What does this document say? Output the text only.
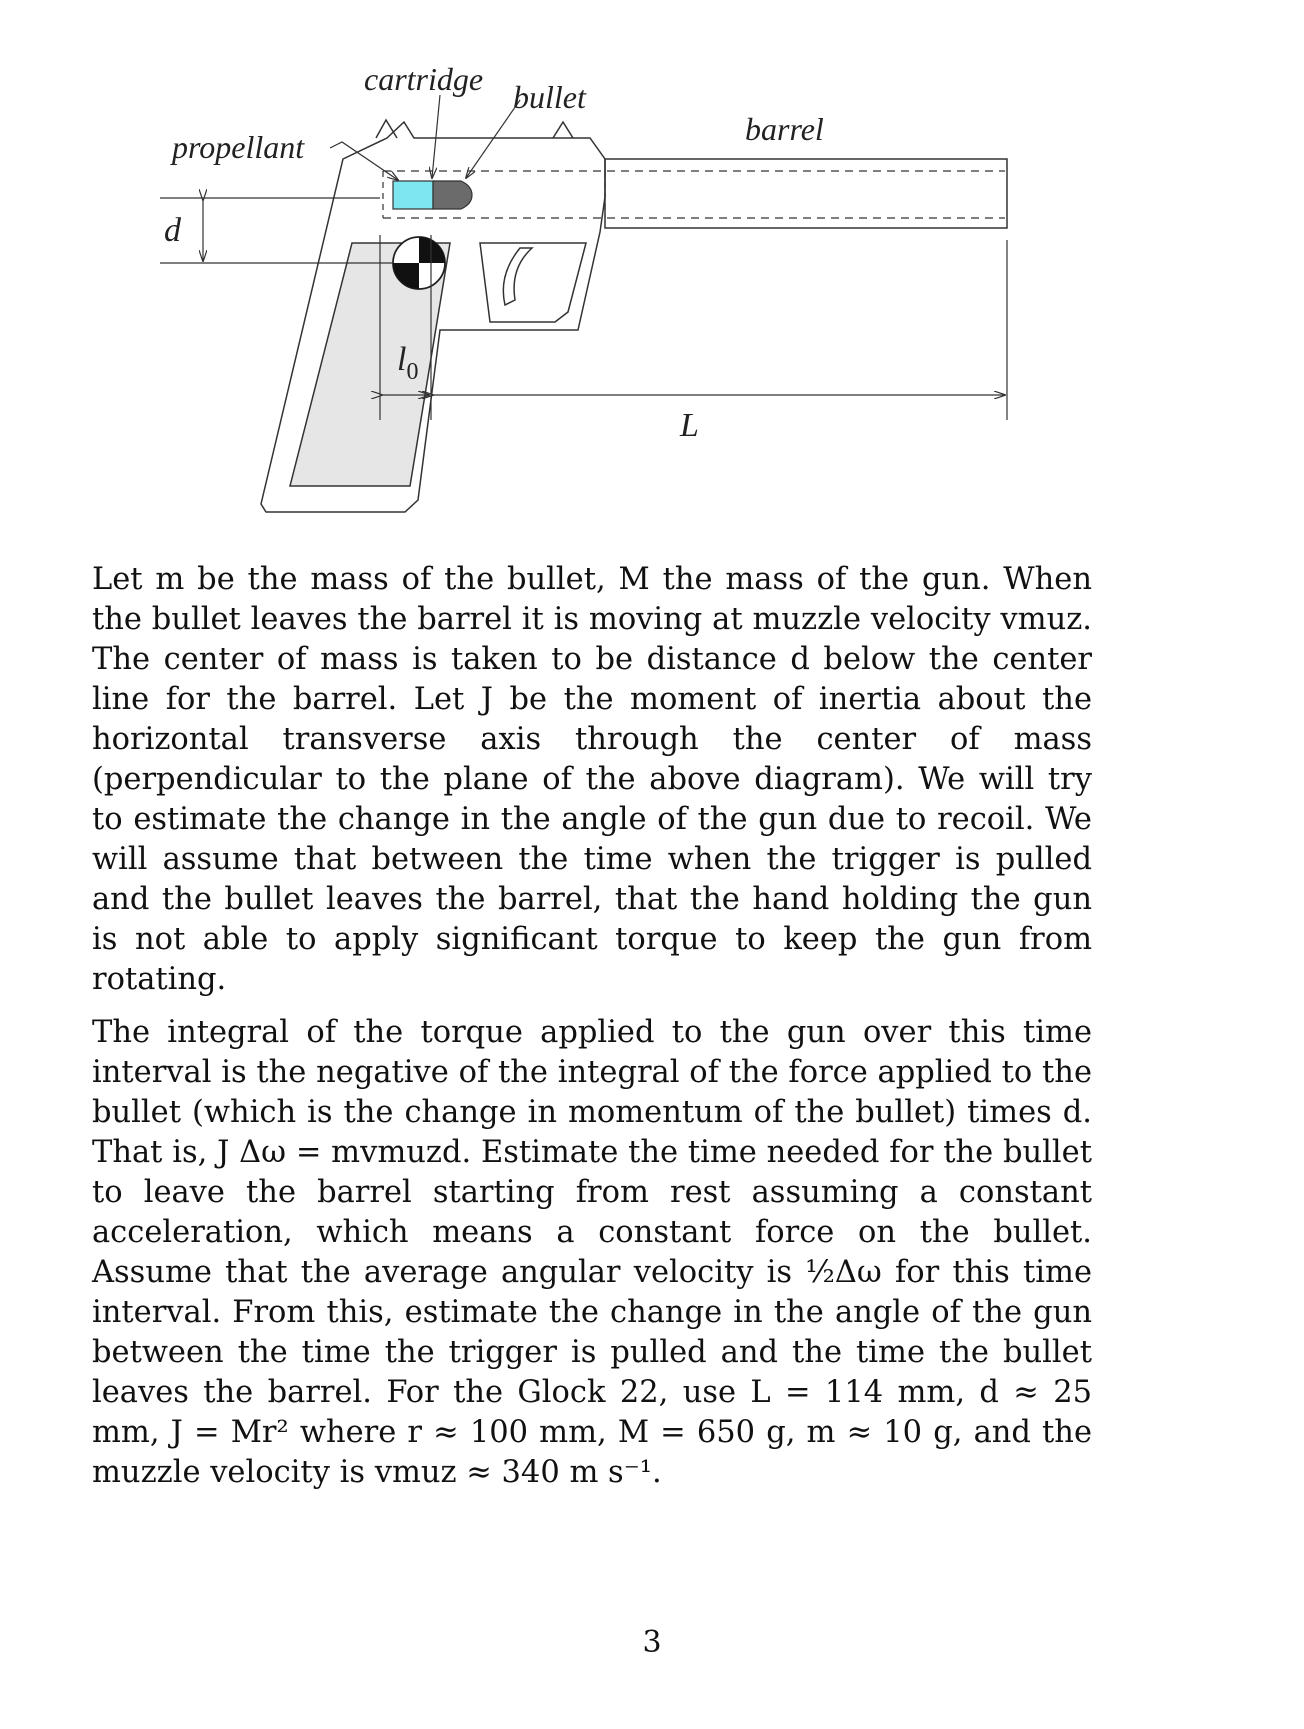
cartridge bullet
barrel
propellant
d
$l_0$
L

Let m be the mass of the bullet, M the mass of the gun. When the bullet leaves the barrel it is moving at muzzle velocity vmuz. The center of mass is taken to be distance d below the center line for the barrel. Let J be the moment of inertia about the horizontal transverse axis through the center of mass (perpendicular to the plane of the above diagram). We will try to estimate the change in the angle of the gun due to recoil. We will assume that between the time when the trigger is pulled and the bullet leaves the barrel, that the hand holding the gun is not able to apply significant torque to keep the gun from rotating.

The integral of the torque applied to the gun over this time interval is the negative of the integral of the force applied to the bullet (which is the change in momentum of the bullet) times d. That is, J Δω = mvmuzd. Estimate the time needed for the bullet to leave the barrel starting from rest assuming a constant acceleration, which means a constant force on the bullet. Assume that the average angular velocity is ½Δω for this time interval. From this, estimate the change in the angle of the gun between the time the trigger is pulled and the time the bullet leaves the barrel. For the Glock 22, use L = 114 mm, d ≈ 25 mm, J = Mr² where r ≈ 100 mm, M = 650 g, m ≈ 10 g, and the muzzle velocity is vmuz ≈ 340 m s⁻¹.

3
